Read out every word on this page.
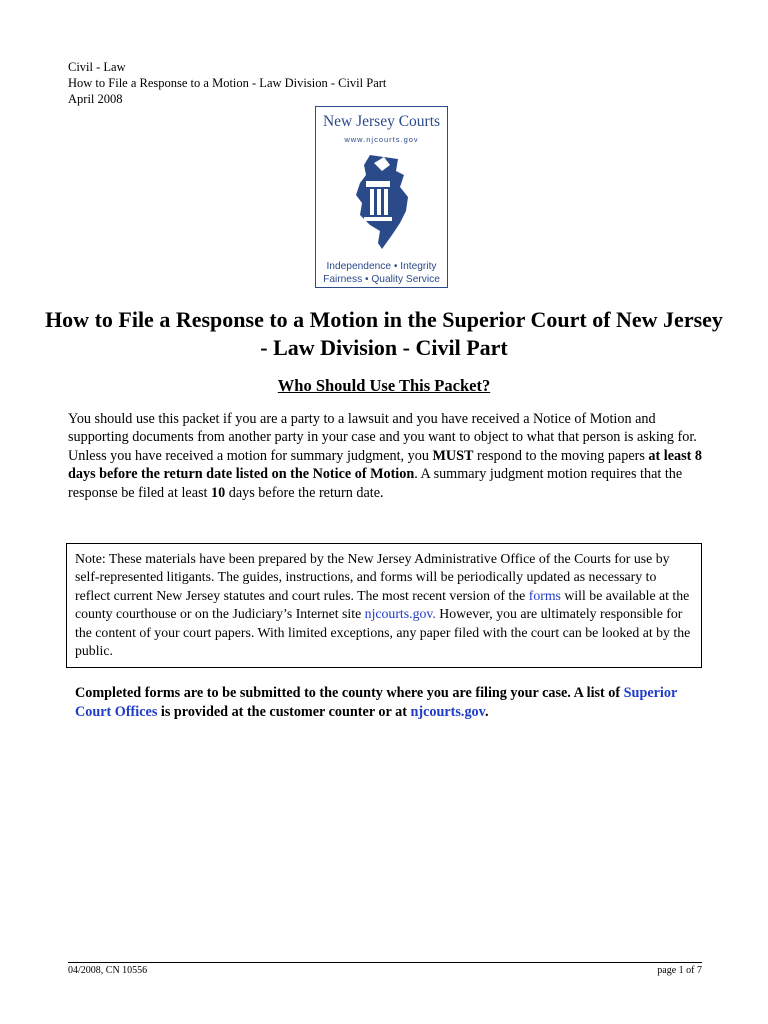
Civil - Law
How to File a Response to a Motion - Law Division - Civil Part
April 2008
New Jersey Courts
www.njcourts.gov
Independence • Integrity
Fairness • Quality Service
How to File a Response to a Motion in the Superior Court of New Jersey - Law Division - Civil Part
Who Should Use This Packet?

You should use this packet if you are a party to a lawsuit and you have received a Notice of Motion and supporting documents from another party in your case and you want to object to what that person is asking for. Unless you have received a motion for summary judgment, you MUST respond to the moving papers at least 8 days before the return date listed on the Notice of Motion. A summary judgment motion requires that the response be filed at least 10 days before the return date.

Note: These materials have been prepared by the New Jersey Administrative Office of the Courts for use by self-represented litigants. The guides, instructions, and forms will be periodically updated as necessary to reflect current New Jersey statutes and court rules. The most recent version of the forms will be available at the county courthouse or on the Judiciary’s Internet site njcourts.gov. However, you are ultimately responsible for the content of your court papers. With limited exceptions, any paper filed with the court can be looked at by the public.

Completed forms are to be submitted to the county where you are filing your case. A list of Superior Court Offices is provided at the customer counter or at njcourts.gov.

04/2008, CN 10556	page 1 of 7
